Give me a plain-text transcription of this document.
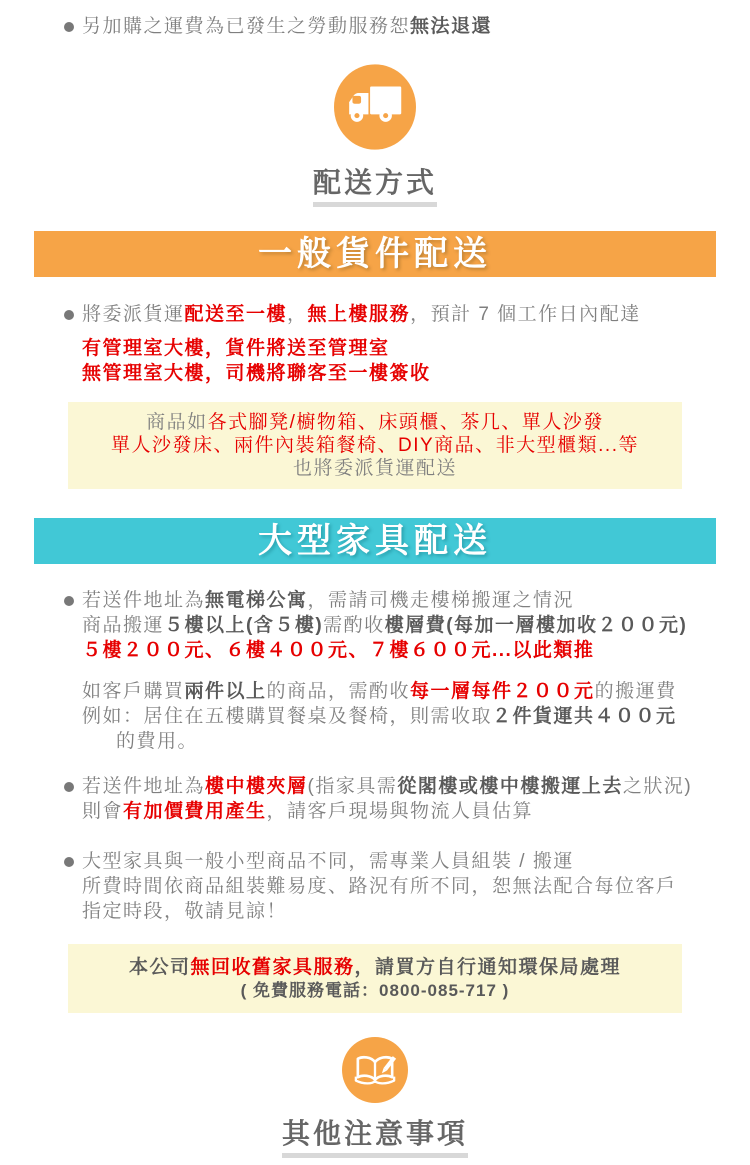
另加購之運費為已發生之勞動服務恕無法退還

配送方式
一般貨件配送

將委派貨運配送至一樓，無上樓服務，預計 7 個工作日內配達

有管理室大樓，貨件將送至管理室

無管理室大樓，司機將聯客至一樓簽收

商品如各式腳凳/櫥物箱、床頭櫃、茶几、單人沙發

單人沙發床、兩件內裝箱餐椅、DIY商品、非大型櫃類...等

也將委派貨運配送

大型家具配送

若送件地址為無電梯公寓，需請司機走樓梯搬運之情況

商品搬運５樓以上(含５樓)需酌收樓層費(每加一層樓加收２００元)

５樓２００元、６樓４００元、７樓６００元...以此類推

如客戶購買兩件以上的商品，需酌收每一層每件２００元的搬運費

例如：居住在五樓購買餐桌及餐椅，則需收取２件貨運共４００元

的費用。

若送件地址為樓中樓夾層(指家具需從閣樓或樓中樓搬運上去之狀況)

則會有加價費用產生，請客戶現場與物流人員估算

大型家具與一般小型商品不同，需專業人員組裝 / 搬運

所費時間依商品組裝難易度、路況有所不同，恕無法配合每位客戶

指定時段，敬請見諒！

本公司無回收舊家具服務，請買方自行通知環保局處理

( 免費服務電話：0800-085-717 )

其他注意事項
